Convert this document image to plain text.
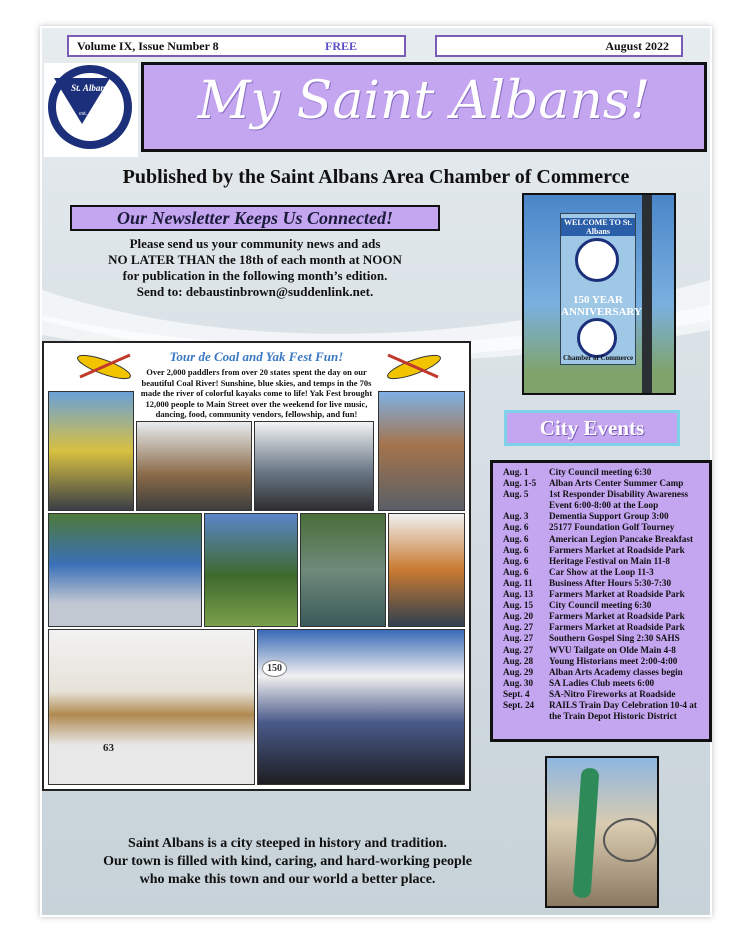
Volume IX, Issue Number 8	FREE	August 2022
St. Albans
est. 1932	My Saint Albans!
Published by the Saint Albans Area Chamber of Commerce
Our Newsletter Keeps Us Connected!
Please send us your community news and ads
NO LATER THAN the 18th of each month at NOON
for publication in the following month’s edition.
Send to: debaustinbrown@suddenlink.net.
WELCOME TO St. Albans
150 YEAR ANNIVERSARY
Chamber of Commerce
Tour de Coal and Yak Fest Fun!
Over 2,000 paddlers from over 20 states spent the day on our beautiful Coal River! Sunshine, blue skies, and temps in the 70s made the river of colorful kayaks come to life! Yak Fest brought 12,000 people to Main Street over the weekend for live music, dancing, food, community vendors, fellowship, and fun!
63
150
City Events
Aug. 1	City Council meeting 6:30
Aug. 1-5	Alban Arts Center Summer Camp
Aug. 5	1st Responder Disability Awareness Event 6:00-8:00 at the Loop
Aug. 3	Dementia Support Group 3:00
Aug. 6	25177 Foundation Golf Tourney
Aug. 6	American Legion Pancake Breakfast
Aug. 6	Farmers Market at Roadside Park
Aug. 6	Heritage Festival on Main 11-8
Aug. 6	Car Show at the Loop 11-3
Aug. 11	Business After Hours 5:30-7:30
Aug. 13	Farmers Market at Roadside Park
Aug. 15	City Council meeting 6:30
Aug. 20	Farmers Market at Roadside Park
Aug. 27	Farmers Market at Roadside Park
Aug. 27	Southern Gospel Sing 2:30 SAHS
Aug. 27	WVU Tailgate on Olde Main 4-8
Aug. 28	Young Historians meet 2:00-4:00
Aug. 29	Alban Arts Academy classes begin
Aug. 30	SA Ladies Club meets 6:00
Sept. 4	SA-Nitro Fireworks at Roadside
Sept. 24	RAILS Train Day Celebration 10-4 at the Train Depot Historic District
Saint Albans is a city steeped in history and tradition.
Our town is filled with kind, caring, and hard-working people
who make this town and our world a better place.
